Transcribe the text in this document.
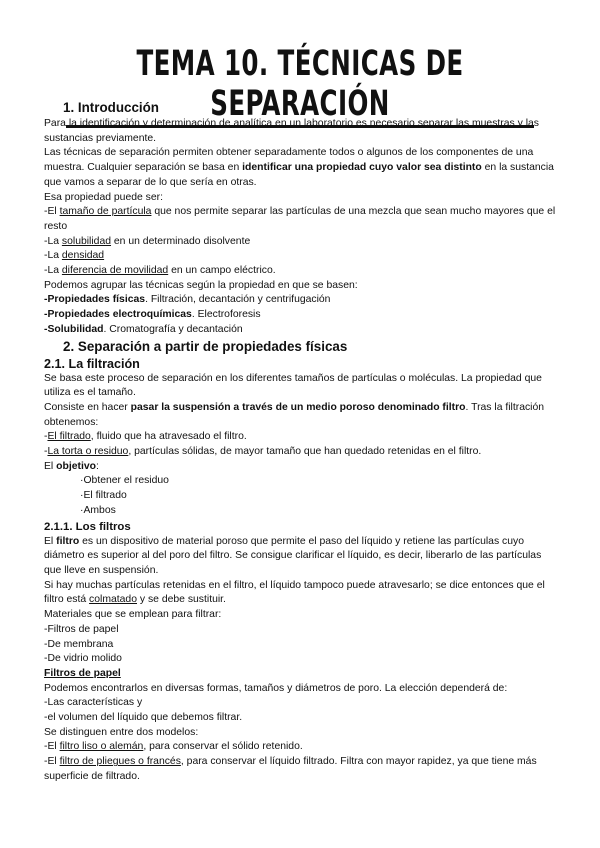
TEMA 10. TÉCNICAS DE SEPARACIÓN

1. Introducción

Para la identificación y determinación de analítica en un laboratorio es necesario separar las muestras y las sustancias previamente.

Las técnicas de separación permiten obtener separadamente todos o algunos de los componentes de una muestra. Cualquier separación se basa en identificar una propiedad cuyo valor sea distinto en la sustancia que vamos a separar de lo que sería en otras.

Esa propiedad puede ser:

-El tamaño de partícula que nos permite separar las partículas de una mezcla que sean mucho mayores que el resto

-La solubilidad en un determinado disolvente

-La densidad

-La diferencia de movilidad en un campo eléctrico.

Podemos agrupar las técnicas según la propiedad en que se basen:

-Propiedades físicas. Filtración, decantación y centrifugación

-Propiedades electroquímicas. Electroforesis

-Solubilidad. Cromatografía y decantación

2. Separación a partir de propiedades físicas

2.1. La filtración

Se basa este proceso de separación en los diferentes tamaños de partículas o moléculas. La propiedad que utiliza es el tamaño.

Consiste en hacer pasar la suspensión a través de un medio poroso denominado filtro. Tras la filtración obtenemos:

-El filtrado, fluido que ha atravesado el filtro.

-La torta o residuo, partículas sólidas, de mayor tamaño que han quedado retenidas en el filtro.

El objetivo:

·Obtener el residuo

·El filtrado

·Ambos

2.1.1. Los filtros

El filtro es un dispositivo de material poroso que permite el paso del líquido y retiene las partículas cuyo diámetro es superior al del poro del filtro. Se consigue clarificar el líquido, es decir, liberarlo de las partículas que lleve en suspensión.

Si hay muchas partículas retenidas en el filtro, el líquido tampoco puede atravesarlo; se dice entonces que el filtro está colmatado y se debe sustituir.

Materiales que se emplean para filtrar:

-Filtros de papel

-De membrana

-De vidrio molido

Filtros de papel

Podemos encontrarlos en diversas formas, tamaños y diámetros de poro. La elección dependerá de:

-Las características y

-el volumen del líquido que debemos filtrar.

Se distinguen entre dos modelos:

-El filtro liso o alemán, para conservar el sólido retenido.

-El filtro de pliegues o francés, para conservar el líquido filtrado. Filtra con mayor rapidez, ya que tiene más superficie de filtrado.
